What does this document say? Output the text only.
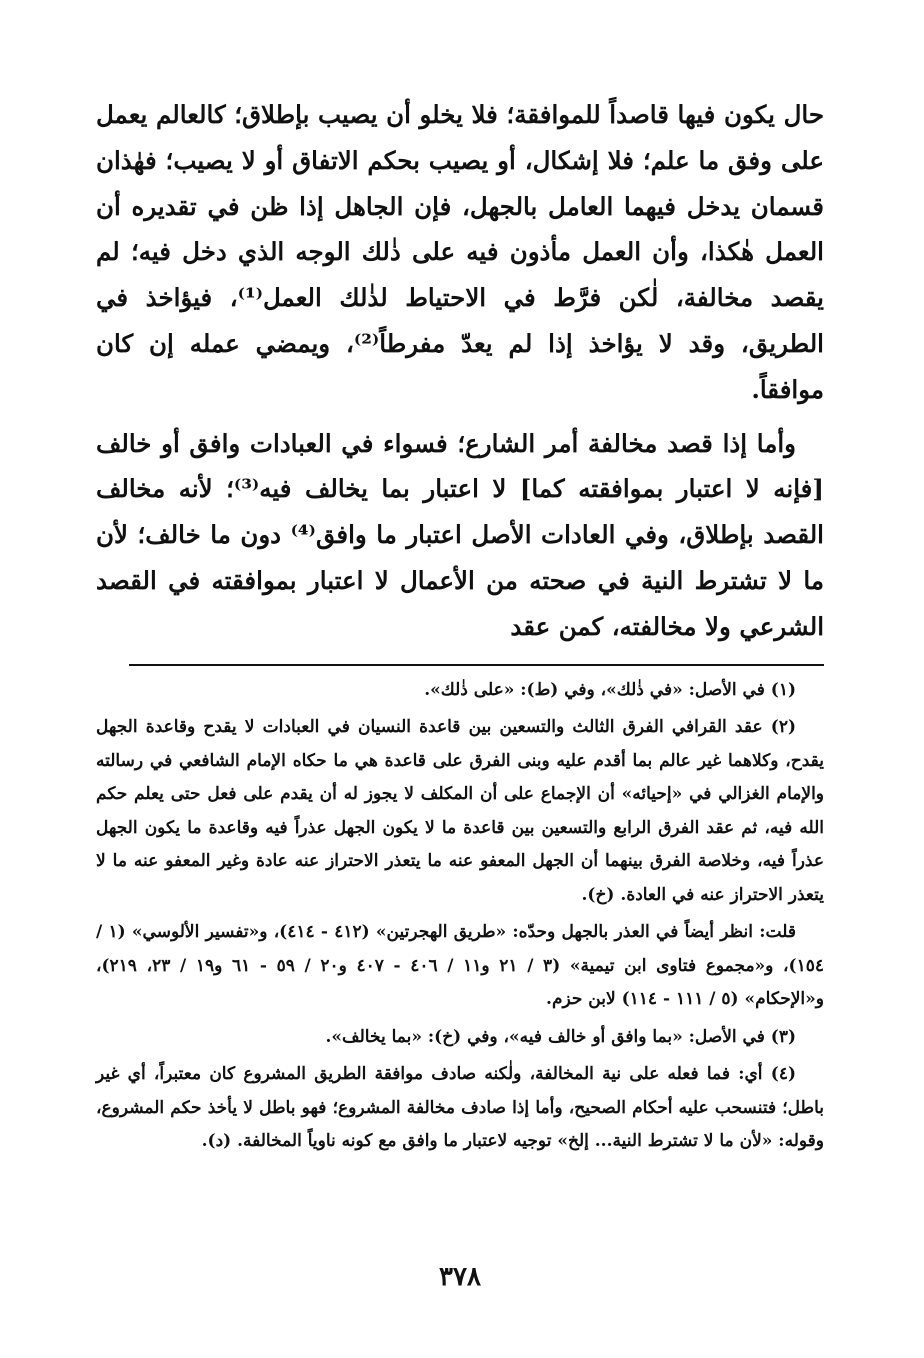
حال يكون فيها قاصداً للموافقة؛ فلا يخلو أن يصيب بإطلاق؛ كالعالم يعمل على وفق ما علم؛ فلا إشكال، أو يصيب بحكم الاتفاق أو لا يصيب؛ فهٰذان قسمان يدخل فيهما العامل بالجهل، فإن الجاهل إذا ظن في تقديره أن العمل هٰكذا، وأن العمل مأذون فيه على ذٰلك الوجه الذي دخل فيه؛ لم يقصد مخالفة، لٰكن فرَّط في الاحتياط لذٰلك العمل⁽¹⁾، فيؤاخذ في الطريق، وقد لا يؤاخذ إذا لم يعدّ مفرطاً⁽²⁾، ويمضي عمله إن كان موافقاً.

وأما إذا قصد مخالفة أمر الشارع؛ فسواء في العبادات وافق أو خالف [فإنه لا اعتبار بموافقته كما] لا اعتبار بما يخالف فيه⁽³⁾؛ لأنه مخالف القصد بإطلاق، وفي العادات الأصل اعتبار ما وافق⁽⁴⁾ دون ما خالف؛ لأن ما لا تشترط النية في صحته من الأعمال لا اعتبار بموافقته في القصد الشرعي ولا مخالفته، كمن عقد

(١) في الأصل: «في ذٰلك»، وفي (ط): «على ذٰلك».

(٢) عقد القرافي الفرق الثالث والتسعين بين قاعدة النسيان في العبادات لا يقدح وقاعدة الجهل يقدح، وكلاهما غير عالم بما أقدم عليه وبنى الفرق على قاعدة هي ما حكاه الإمام الشافعي في رسالته والإمام الغزالي في «إحيائه» أن الإجماع على أن المكلف لا يجوز له أن يقدم على فعل حتى يعلم حكم الله فيه، ثم عقد الفرق الرابع والتسعين بين قاعدة ما لا يكون الجهل عذراً فيه وقاعدة ما يكون الجهل عذراً فيه، وخلاصة الفرق بينهما أن الجهل المعفو عنه ما يتعذر الاحتراز عنه عادة وغير المعفو عنه ما لا يتعذر الاحتراز عنه في العادة. (خ).

قلت: انظر أيضاً في العذر بالجهل وحدّه: «طريق الهجرتين» (٤١٢ - ٤١٤)، و«تفسير الألوسي» (١ / ١٥٤)، و«مجموع فتاوى ابن تيمية» (٣ / ٢١ و١١ / ٤٠٦ - ٤٠٧ و٢٠ / ٥٩ - ٦١ و١٩ / ٢٣، ٢١٩)، و«الإحكام» (٥ / ١١١ - ١١٤) لابن حزم.

(٣) في الأصل: «بما وافق أو خالف فيه»، وفي (خ): «بما يخالف».

(٤) أي: فما فعله على نية المخالفة، ولٰكنه صادف موافقة الطريق المشروع كان معتبراً، أي غير باطل؛ فتنسحب عليه أحكام الصحيح، وأما إذا صادف مخالفة المشروع؛ فهو باطل لا يأخذ حكم المشروع، وقوله: «لأن ما لا تشترط النية... إلخ» توجيه لاعتبار ما وافق مع كونه ناوياً المخالفة. (د).

٣٧٨
